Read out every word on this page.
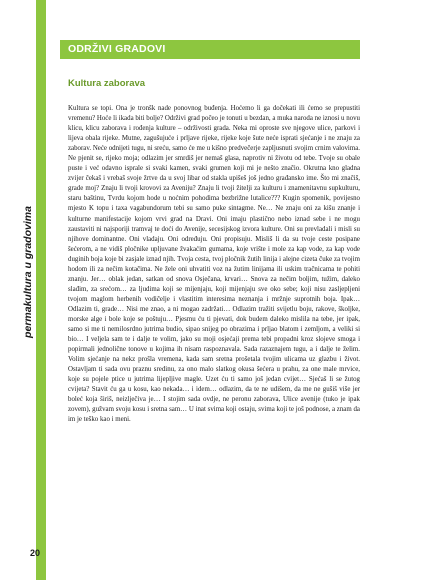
permakultura u gradovima
ODRŽIVI GRADOVI
Kultura zaborava

Kultura se topi. Ona je tronšk nade ponovnog buđenja. Hoćemo li ga dočekati ili ćemo se prepustiti vremenu? Hoće li ikada biti bolje? Održivi grad počeo je tonuti u bezdan, a muka naroda ne iznosi u novu klicu, klicu zaborava i rođenja kulture – održivosti grada. Neka mi oproste sve njegove ulice, parkovi i lijeva obala rijeke. Mutne, zagušujuće i prljave rijeke, rijeke koje šute neće isprati sjećanje i ne znaju za zaborav. Neće odnijeti tugu, ni sreću, samo će me u kišno predvečerje zapljusnuti svojim crnim valovima. Ne pjenit se, rijeko moja; odlazim jer smrdiš jer nemaš glasa, naprotiv ni životu od tebe. Tvoje su obale puste i već odavno isprale si svaki kamen, svaki grumen koji mi je nešto značio. Okrutna kno gladna zvijer čekaš i vrebaš svoje žrtve da u svoj libar od stakla upišeš još jedno građansko ime. Što mi značiš, grade moj? Znaju li tvoji krovovi za Aveniju? Znaju li tvoji žitelji za kulturu i znamenitavnu supkulturu, staru baštinu, Tvrdu kojom hode u noćnim pohodima bezbrižne lutalice??? Kugin spomenik, povijesno mjesto K topu i taxa vagabundorum tebi su samo puke sintagme. Ne… Ne znaju oni za kišu znanje i kulturne manifestacije kojom vrvi grad na Dravi. Oni imaju plastično nebo iznad sebe i ne mogu zaustaviti ni najsporiji tramvaj te doći do Avenije, secesijskog izvora kulture. Oni su prevladali i misli su njihove dominantne. Oni vladaju. Oni određuju. Oni propisuju. Misliš li da su tvoje ceste posipane šećerom, a ne vidiš pločnike upljuvane žvakaćim gumama, koje vrište i mole za kap vode, za kap vode duginih boja koje bi zasjale iznad njih. Tvoja cesta, tvoj pločnik žutih linija i alejne cizeta čuke za tvojim hodom ili za nečim kotačima. Ne žele oni uhvatiti voz na žutim linijama ili uskim tračnicama te pohiti znanju. Jer… oblak jedan, satkan od snova Osječana, krvari… Snova za nečim boljim, tužim, daleko slađim, za srećom… za ljudima koji se mijenjaju, koji mijenjaju sve oko sebe; koji nisu zasljepljeni tvojom maglom herbenih vodičelje i vlastitim interesima neznanja i mržnje suprotnih boja. Ipak… Odlazim ti, grade… Nisi me znao, a ni mogao zadržati… Odlazim tražiti svijetlu boju, rakove, školjke, morske alge i bole koje se poštuju… Pjesmu ću ti pjevati, dok budem daleko mislila na tebe, jer ipak, samo si me ti nemilosrdno jutrima budio, sipao snijeg po obrazima i prljao blatom i zemljom, a veliki si bio… I veljela sam te i dalje te volim, jako su moji osjećaji prema tebi propadni kroz slojeve smoga i popirmali jednolične tonove u kojima ih nisam raspoznavala. Sada razaznajem tugu, a i dalje te želim. Volim sjećanje na nekz prošla vremena, kada sam sretna prošetala tvojim ulicama uz glazbu i život. Ostavljam ti sada ovu praznu sredinu, za ono malo slatkog okusa šećera u prahu, za one male mrvice, koje su pojele ptice u jutrima lijepljive magle. Uzet ću ti samo još jedan cvijet… Sjećaš li se žutog cvijeta? Stavit ću ga u kosu, kao nekada… i idem… odlazim, da te ne udišem, da me ne gušiš više jer boleć koja širiš, neizlječiva je… I stojim sada ovdje, ne peronu zaborava, Ulice avenije (tuko je ipak zovem), gužvam svoju kosu i sretna sam… U inat svima koji ostaju, svima koji te još podnose, a znam da im je teško kao i meni.

20
